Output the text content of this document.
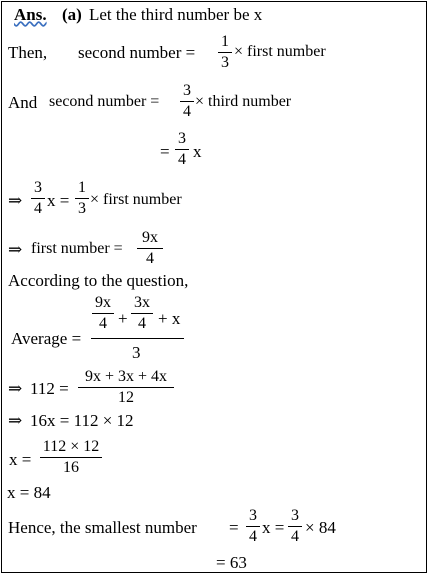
Ans. (a) Let the third number be x
Then, second number =
1
3
× first number
And second number =
3
4
× third number
=
3
4 x
⇒
3
4 x =
1
3
× first number
⇒ first number =
9x
4
According to the question,
Average =
9x
4 +
3x
4 + x
3
⇒ 112 =
9x + 3x + 4x
12
⇒ 16x = 112 × 12
x =
112 × 12
16
x = 84
Hence, the smallest number =
3
4 x =
3
4 × 84
= 63
